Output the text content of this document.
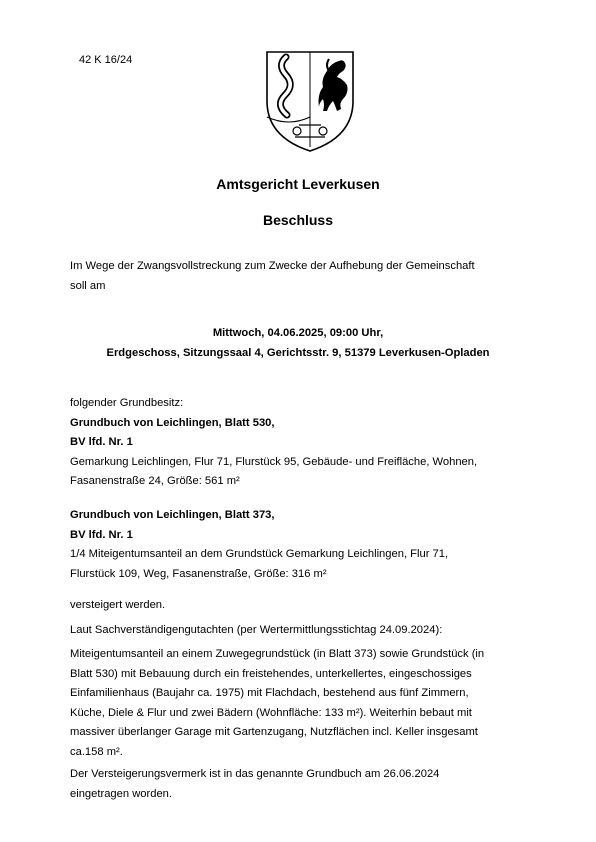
42 K 16/24
Amtsgericht Leverkusen
Beschluss

Im Wege der Zwangsvollstreckung zum Zwecke der Aufhebung der Gemeinschaft

soll am

Mittwoch, 04.06.2025, 09:00 Uhr,
Erdgeschoss, Sitzungssaal 4, Gerichtsstr. 9, 51379 Leverkusen-Opladen

folgender Grundbesitz:

Grundbuch von Leichlingen, Blatt 530,

BV lfd. Nr. 1

Gemarkung Leichlingen, Flur 71, Flurstück 95, Gebäude- und Freifläche, Wohnen,

Fasanenstraße 24, Größe: 561 m²

Grundbuch von Leichlingen, Blatt 373,

BV lfd. Nr. 1

1/4 Miteigentumsanteil an dem Grundstück Gemarkung Leichlingen, Flur 71,

Flurstück 109, Weg, Fasanenstraße, Größe: 316 m²

versteigert werden.
Laut Sachverständigengutachten (per Wertermittlungsstichtag 24.09.2024):

Miteigentumsanteil an einem Zuwegegrundstück (in Blatt 373) sowie Grundstück (in

Blatt 530) mit Bebauung durch ein freistehendes, unterkellertes, eingeschossiges

Einfamilienhaus (Baujahr ca. 1975) mit Flachdach, bestehend aus fünf Zimmern,

Küche, Diele & Flur und zwei Bädern (Wohnfläche: 133 m²). Weiterhin bebaut mit

massiver überlanger Garage mit Gartenzugang, Nutzflächen incl. Keller insgesamt

ca.158 m².

Der Versteigerungsvermerk ist in das genannte Grundbuch am 26.06.2024

eingetragen worden.
